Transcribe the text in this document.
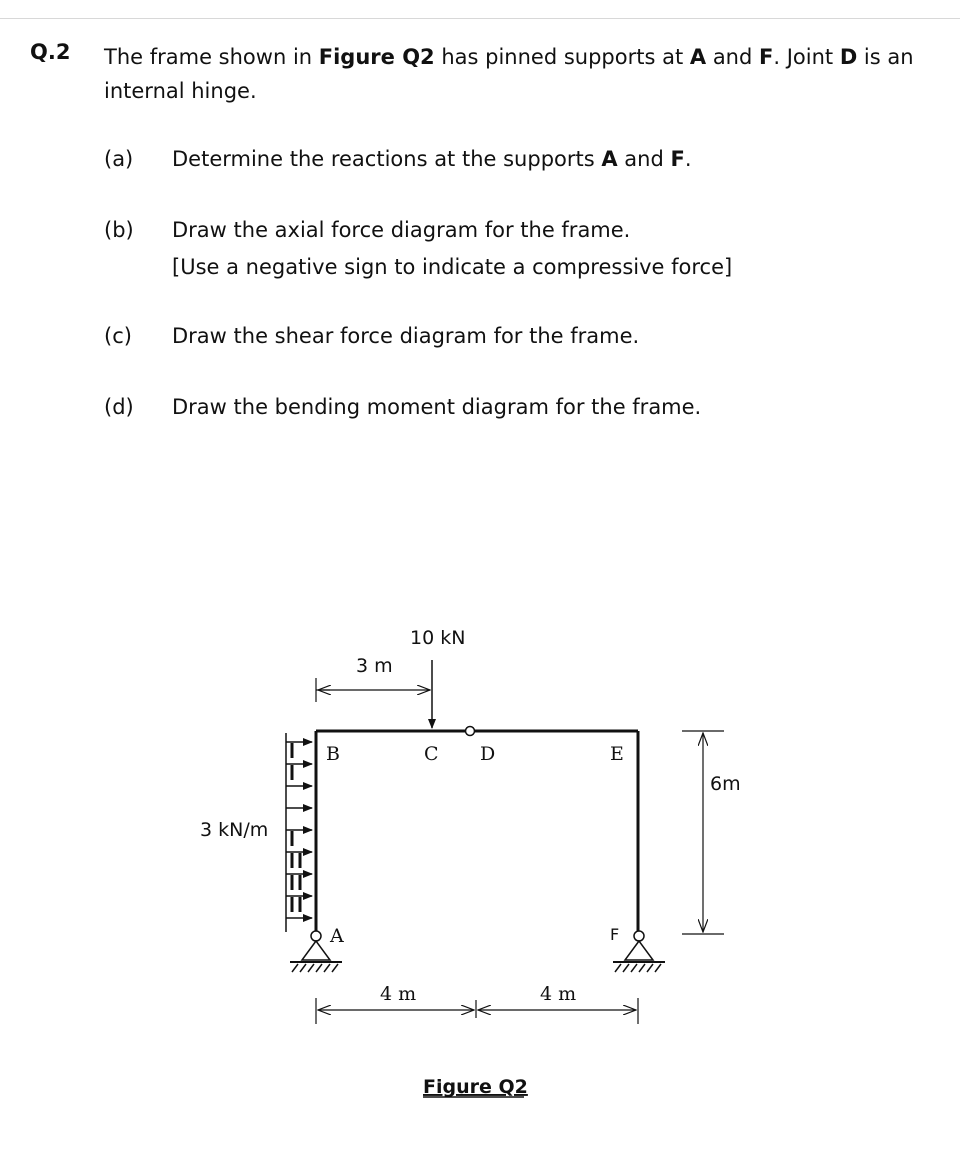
Q.2 The frame shown in Figure Q2 has pinned supports at A and F. Joint D is an internal hinge.
(a)	Determine the reactions at the supports A and F.
(b)	Draw the axial force diagram for the frame.
[Use a negative sign to indicate a compressive force]
(c)	Draw the shear force diagram for the frame.
(d)	Draw the bending moment diagram for the frame.
10 kN
3 m
3 kN/m
6m
4 m	4 m
B	C D	E
A	F
Figure Q2
